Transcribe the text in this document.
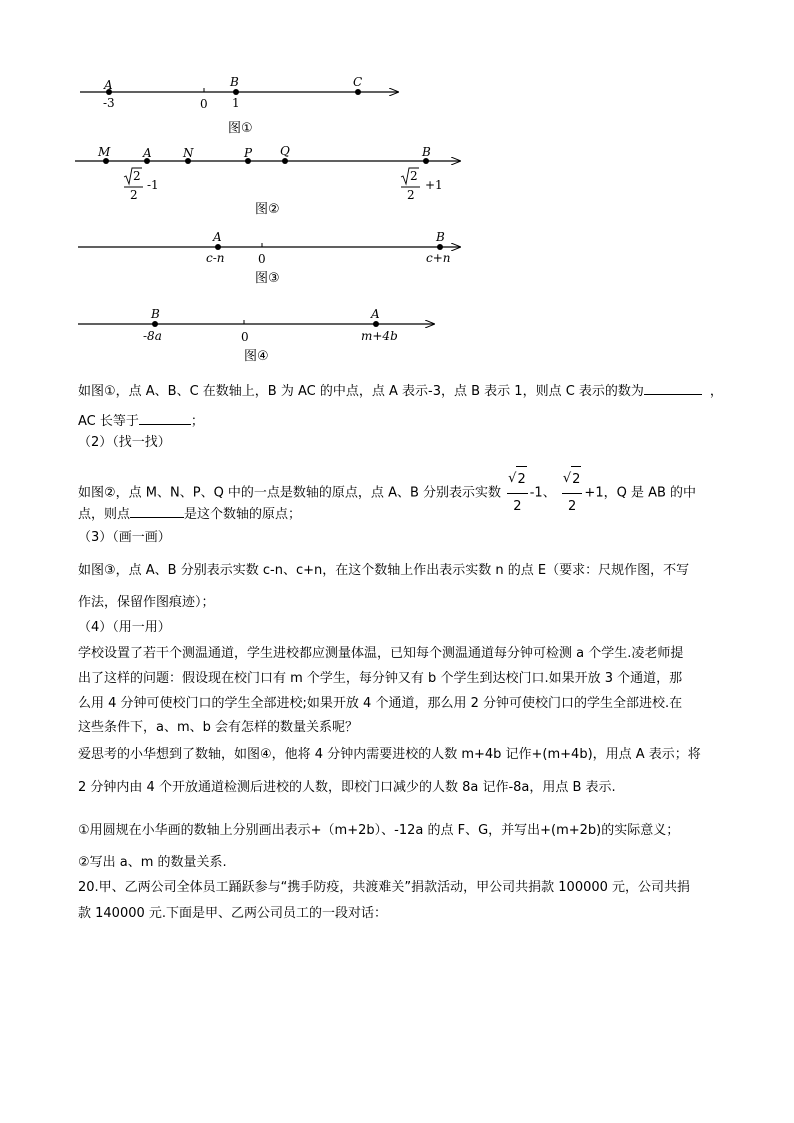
A	B	C
-3	0 1
图①
M	A	N	P Q	B
2
2
-1
2
2
+1
图②
A	B
c-n	0	c+n
图③
B	A
-8a	0	m+4b
图④
如图①，点 A、B、C 在数轴上，B 为 AC 的中点，点 A 表示-3，点 B 表示 1，则点 C 表示的数为	，
AC 长等于	；
（2）（找一找）
如图②，点 M、N、P、Q 中的一点是数轴的原点，点 A、B 分别表示实数 $\frac{√ 2}{2} -1$、 $\frac{√ 2}{2} +1$，Q 是 AB 的中
点，则点	是这个数轴的原点；
（3）（画一画）
如图③，点 A、B 分别表示实数 c-n、c+n，在这个数轴上作出表示实数 n 的点 E（要求：尺规作图，不写
作法，保留作图痕迹）；
（4）（用一用）
学校设置了若干个测温通道，学生进校都应测量体温，已知每个测温通道每分钟可检测 a 个学生.凌老师提
出了这样的问题：假设现在校门口有 m 个学生，每分钟又有 b 个学生到达校门口.如果开放 3 个通道，那
么用 4 分钟可使校门口的学生全部进校;如果开放 4 个通道，那么用 2 分钟可使校门口的学生全部进校.在
这些条件下，a、m、b 会有怎样的数量关系呢？
爱思考的小华想到了数轴，如图④，他将 4 分钟内需要进校的人数 m+4b 记作+(m+4b)，用点 A 表示；将
2 分钟内由 4 个开放通道检测后进校的人数，即校门口减少的人数 8a 记作-8a，用点 B 表示.
①用圆规在小华画的数轴上分别画出表示+（m+2b）、-12a 的点 F、G，并写出+(m+2b)的实际意义；
②写出 a、m 的数量关系.
20.甲、乙两公司全体员工踊跃参与“携手防疫，共渡难关”捐款活动，甲公司共捐款 100000 元，公司共捐
款 140000 元.下面是甲、乙两公司员工的一段对话：
